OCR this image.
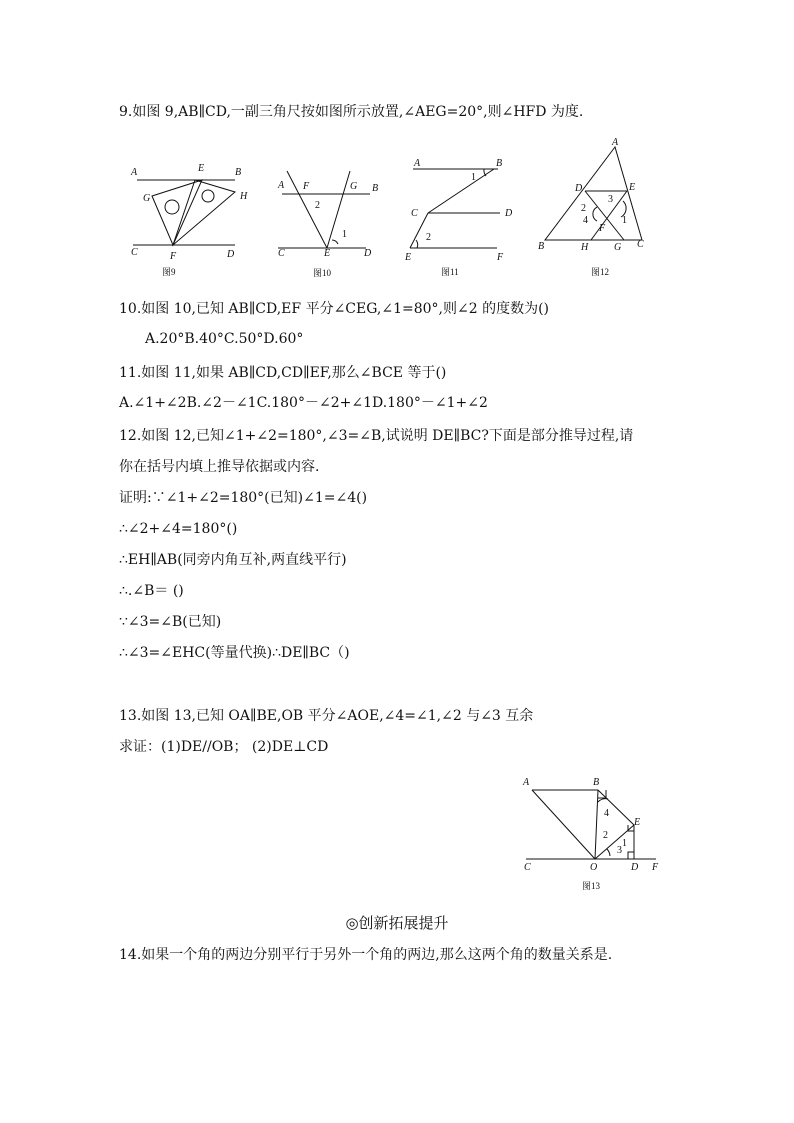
9.如图 9,AB∥CD,一副三角尺按如图所示放置,∠AEG=20°,则∠HFD 为度.
A	E	B
G	H
C	F	D
图9
A F	G B
2
1
C	E	D
图10
A	B
1
C	D
2
E	F
图11
A
D	E
2
3
4	1
F
B	H	G C
图12
10.如图 10,已知 AB∥CD,EF 平分∠CEG,∠1=80°,则∠2 的度数为()
A.20°B.40°C.50°D.60°
11.如图 11,如果 AB∥CD,CD∥EF,那么∠BCE 等于()
A.∠1+∠2B.∠2－∠1C.180°－∠2+∠1D.180°－∠1+∠2
12.如图 12,已知∠1+∠2=180°,∠3=∠B,试说明 DE∥BC?下面是部分推导过程,请
你在括号内填上推导依据或内容.
证明:∵∠1+∠2=180°(已知)∠1=∠4()
∴∠2+∠4=180°()
∴EH∥AB(同旁内角互补,两直线平行)
∴.∠B＝ ()
∵∠3=∠B(已知)
∴∠3=∠EHC(等量代换)∴DE∥BC（)
13.如图 13,已知 OA∥BE,OB 平分∠AOE,∠4=∠1,∠2 与∠3 互余
求证：(1)DE//OB； (2)DE⊥CD
A	B
E
4
2
1
3
C	O	D F
图13
◎创新拓展提升
14.如果一个角的两边分别平行于另外一个角的两边,那么这两个角的数量关系是.
